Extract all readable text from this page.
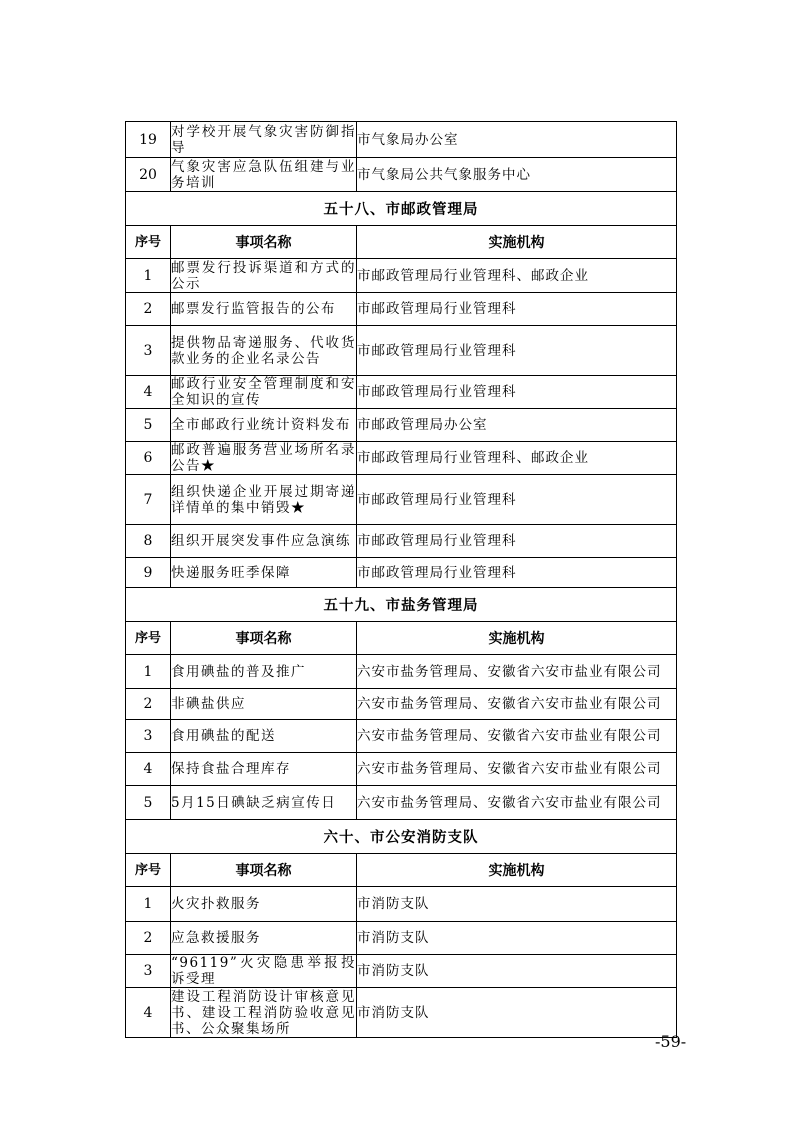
19	对学校开展气象灾害防御指导	市气象局办公室
20	气象灾害应急队伍组建与业务培训	市气象局公共气象服务中心
五十八、市邮政管理局		
序号	事项名称	实施机构
1	邮票发行投诉渠道和方式的公示	市邮政管理局行业管理科、邮政企业
2	邮票发行监管报告的公布	市邮政管理局行业管理科
3	提供物品寄递服务、代收货款业务的企业名录公告	市邮政管理局行业管理科
4	邮政行业安全管理制度和安全知识的宣传	市邮政管理局行业管理科
5	全市邮政行业统计资料发布	市邮政管理局办公室
6	邮政普遍服务营业场所名录公告★	市邮政管理局行业管理科、邮政企业
7	组织快递企业开展过期寄递详情单的集中销毁★	市邮政管理局行业管理科
8	组织开展突发事件应急演练	市邮政管理局行业管理科
9	快递服务旺季保障	市邮政管理局行业管理科
五十九、市盐务管理局		
序号	事项名称	实施机构
1	食用碘盐的普及推广	六安市盐务管理局、安徽省六安市盐业有限公司
2	非碘盐供应	六安市盐务管理局、安徽省六安市盐业有限公司
3	食用碘盐的配送	六安市盐务管理局、安徽省六安市盐业有限公司
4	保持食盐合理库存	六安市盐务管理局、安徽省六安市盐业有限公司
5	5月15日碘缺乏病宣传日	六安市盐务管理局、安徽省六安市盐业有限公司
六十、市公安消防支队		
序号	事项名称	实施机构
1	火灾扑救服务	市消防支队
2	应急救援服务	市消防支队
3	“96119”火灾隐患举报投诉受理	市消防支队
4	建设工程消防设计审核意见书、建设工程消防验收意见书、公众聚集场所	市消防支队
-59-
